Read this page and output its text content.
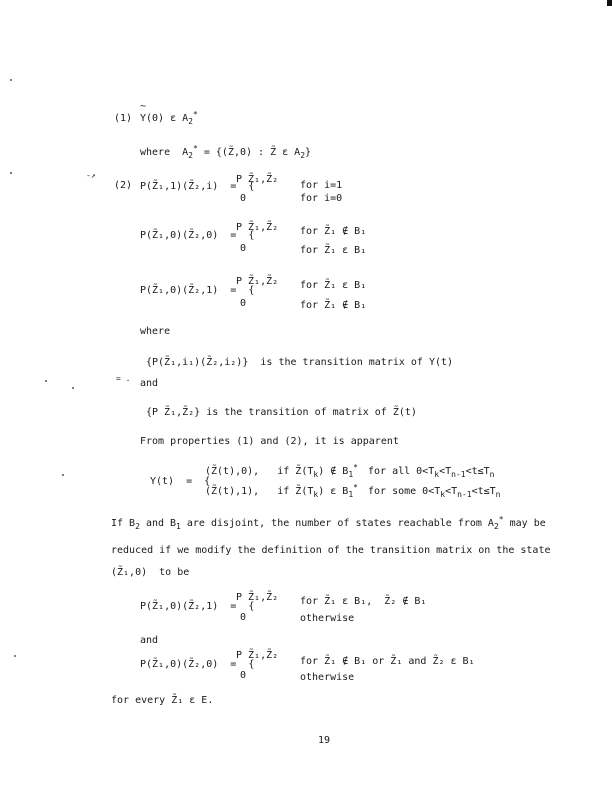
-↗
= .
~
(1) Y(0) ε $A_2^*$
where  $A_2^*$ = {(Z̃,0) : Z̃ ε $A_2$}
(2) P(Z̃₁,1)(Z̃₂,i)  =  {
P Z̃₁,Z̃₂
0
for i=1
for i=0
P(Z̃₁,0)(Z̃₂,0)  =  {
P Z̃₁,Z̃₂
0
for Z̃₁ ∉ B₁
for Z̃₁ ε B₁
P(Z̃₁,0)(Z̃₂,1)  =  {
P Z̃₁,Z̃₂
0
for Z̃₁ ε B₁
for Z̃₁ ∉ B₁
where
{P(Z̃₁,i₁)(Z̃₂,i₂)}  is the transition matrix of Y(t)
and
{P Z̃₁,Z̃₂} is the transition of matrix of Z̃(t)
From properties (1) and (2), it is apparent
Y(t)  =  {
(Z̃(t),0),   if $Z̃(T_k)$ ∉ $B_1^*$ for all $0<T_k<T_{n-1}<t\le T_n$
(Z̃(t),1),   if $Z̃(T_k)$ ε $B_1^*$ for some $0<T_k<T_{n-1}<t\le T_n$
If $B_2$ and $B_1$ are disjoint, the number of states reachable from $A_2^*$ may be
reduced if we modify the definition of the transition matrix on the state
(Z̃₁,0)  to be
P(Z̃₁,0)(Z̃₂,1)  =  {
P Z̃₁,Z̃₂
0
for Z̃₁ ε B₁,  Z̃₂ ∉ B₁
otherwise
and
P(Z̃₁,0)(Z̃₂,0)  =  {
P Z̃₁,Z̃₂
0
for Z̃₁ ∉ B₁ or Z̃₁ and Z̃₂ ε B₁
otherwise
for every Z̃₁ ε E.
19
